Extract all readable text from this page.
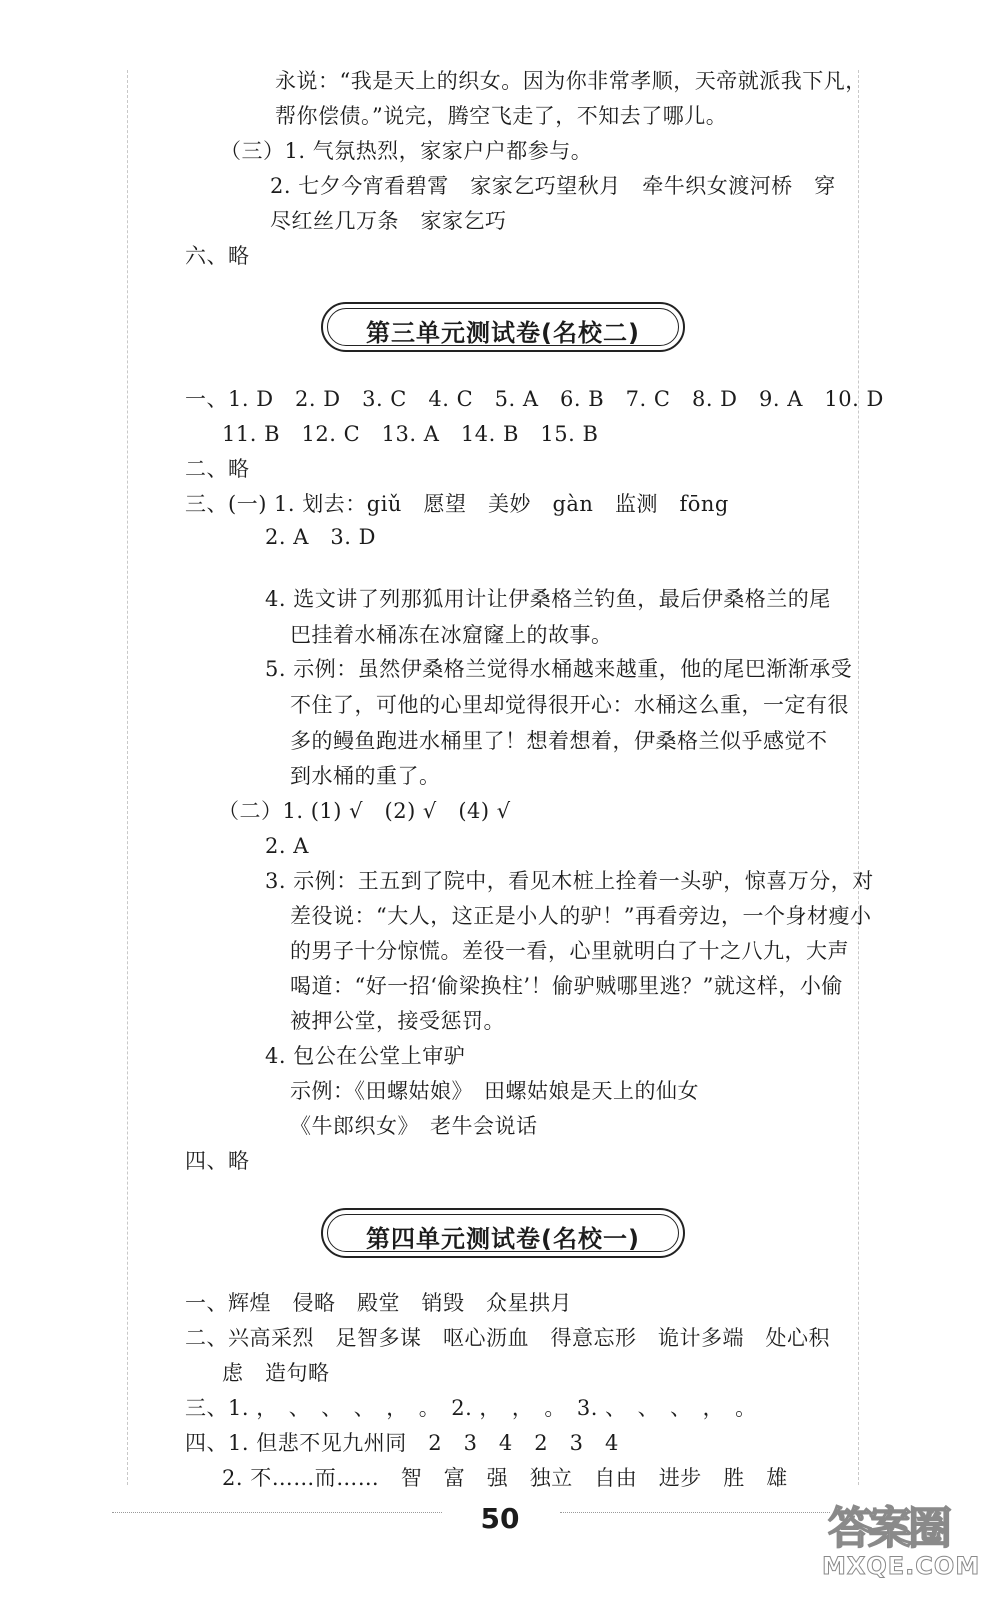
永说：“我是天上的织女。因为你非常孝顺，天帝就派我下凡，
帮你偿债。”说完，腾空飞走了，不知去了哪儿。
（三）1. 气氛热烈，家家户户都参与。
2. 七夕今宵看碧霄　家家乞巧望秋月　牵牛织女渡河桥　穿
尽红丝几万条　家家乞巧
六、略
第三单元测试卷(名校二)
一、1. D　2. D　3. C　4. C　5. A　6. B　7. C　8. D　9. A　10. D
11. B　12. C　13. A　14. B　15. B
二、略
三、(一) 1. 划去：giǔ　愿望　美妙　gàn　监测　fōng
2. A　3. D
4. 选文讲了列那狐用计让伊桑格兰钓鱼，最后伊桑格兰的尾
巴挂着水桶冻在冰窟窿上的故事。
5. 示例：虽然伊桑格兰觉得水桶越来越重，他的尾巴渐渐承受
不住了，可他的心里却觉得很开心：水桶这么重，一定有很
多的鳗鱼跑进水桶里了！想着想着，伊桑格兰似乎感觉不
到水桶的重了。
（二）1. (1) √　(2) √　(4) √
2. A
3. 示例：王五到了院中，看见木桩上拴着一头驴，惊喜万分，对
差役说：“大人，这正是小人的驴！”再看旁边，一个身材瘦小
的男子十分惊慌。差役一看，心里就明白了十之八九，大声
喝道：“好一招‘偷梁换柱’！偷驴贼哪里逃？”就这样，小偷
被押公堂，接受惩罚。
4. 包公在公堂上审驴
示例：《田螺姑娘》　田螺姑娘是天上的仙女
《牛郎织女》　老牛会说话
四、略
第四单元测试卷(名校一)
一、辉煌　侵略　殿堂　销毁　众星拱月
二、兴高采烈　足智多谋　呕心沥血　得意忘形　诡计多端　处心积
虑　造句略
三、1. ，　、　、　、　，　。　2. ，　，　。　3. 、　、　、　，　。
四、1. 但悲不见九州同　2　3　4　2　3　4
2. 不……而……　智　富　强　独立　自由　进步　胜　雄
50	答案圈
MXQE.COM
